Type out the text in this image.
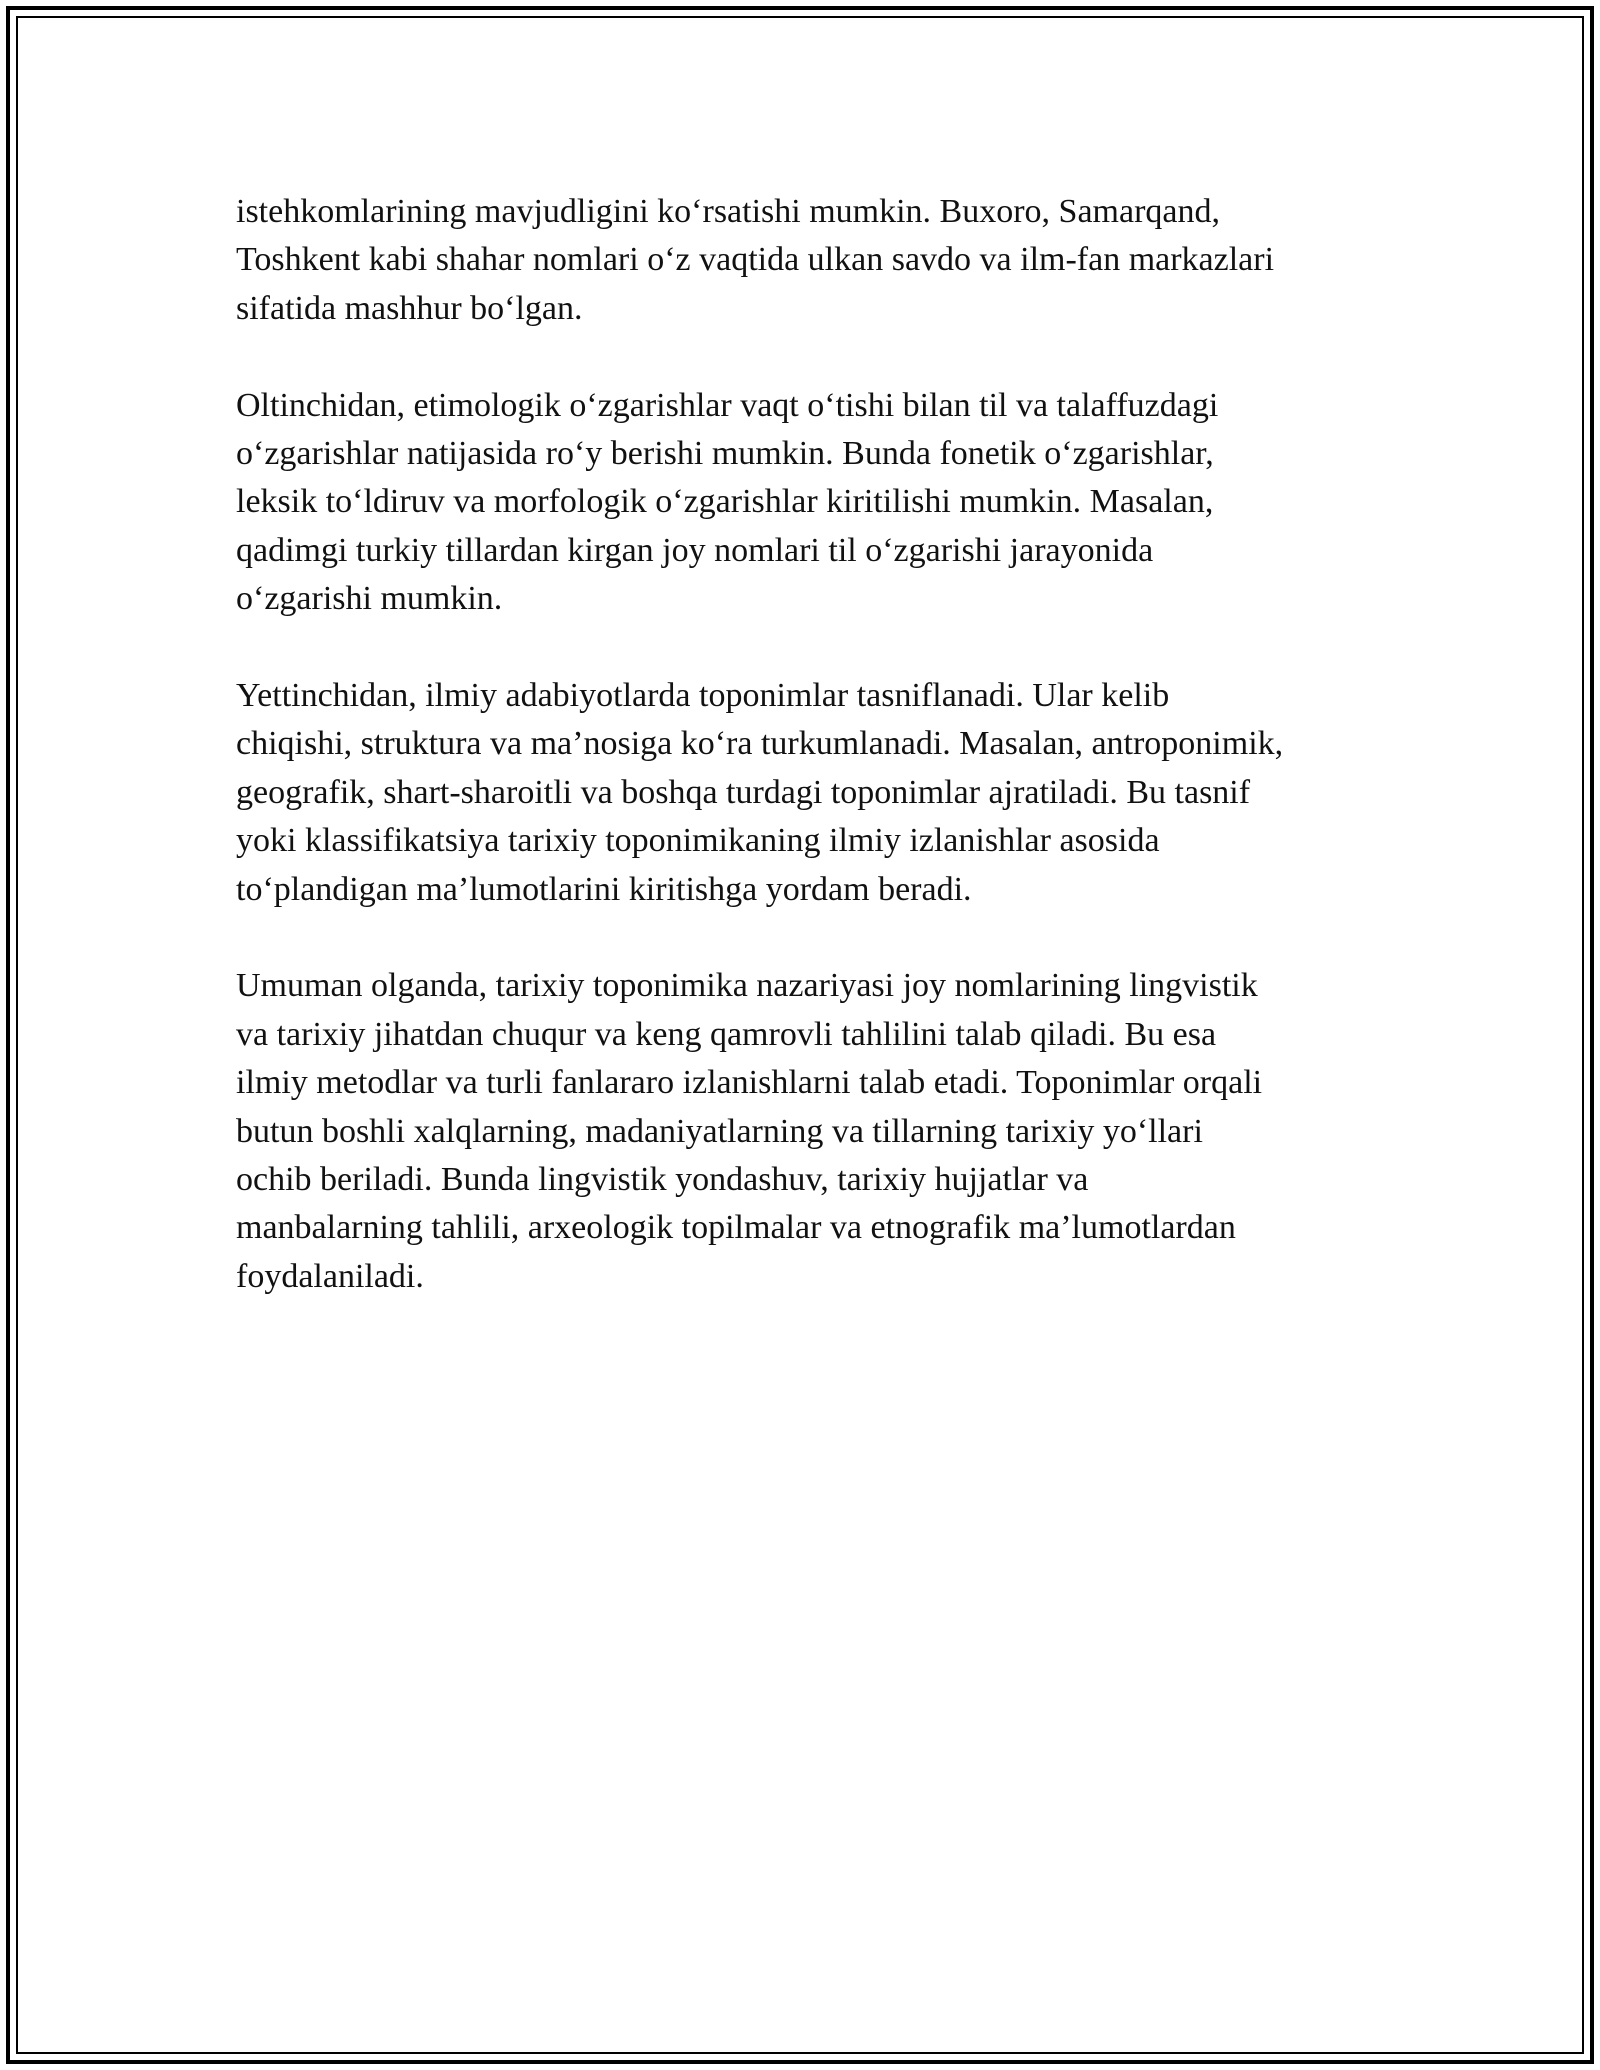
istehkomlarining mavjudligini ko‘rsatishi mumkin. Buxoro, Samarqand,
Toshkent kabi shahar nomlari o‘z vaqtida ulkan savdo va ilm-fan markazlari
sifatida mashhur bo‘lgan.

Oltinchidan, etimologik o‘zgarishlar vaqt o‘tishi bilan til va talaffuzdagi
o‘zgarishlar natijasida ro‘y berishi mumkin. Bunda fonetik o‘zgarishlar,
leksik to‘ldiruv va morfologik o‘zgarishlar kiritilishi mumkin. Masalan,
qadimgi turkiy tillardan kirgan joy nomlari til o‘zgarishi jarayonida
o‘zgarishi mumkin.

Yettinchidan, ilmiy adabiyotlarda toponimlar tasniflanadi. Ular kelib
chiqishi, struktura va ma’nosiga ko‘ra turkumlanadi. Masalan, antroponimik,
geografik, shart-sharoitli va boshqa turdagi toponimlar ajratiladi. Bu tasnif
yoki klassifikatsiya tarixiy toponimikaning ilmiy izlanishlar asosida
to‘plandigan ma’lumotlarini kiritishga yordam beradi.

Umuman olganda, tarixiy toponimika nazariyasi joy nomlarining lingvistik
va tarixiy jihatdan chuqur va keng qamrovli tahlilini talab qiladi. Bu esa
ilmiy metodlar va turli fanlararo izlanishlarni talab etadi. Toponimlar orqali
butun boshli xalqlarning, madaniyatlarning va tillarning tarixiy yo‘llari
ochib beriladi. Bunda lingvistik yondashuv, tarixiy hujjatlar va
manbalarning tahlili, arxeologik topilmalar va etnografik ma’lumotlardan
foydalaniladi.
